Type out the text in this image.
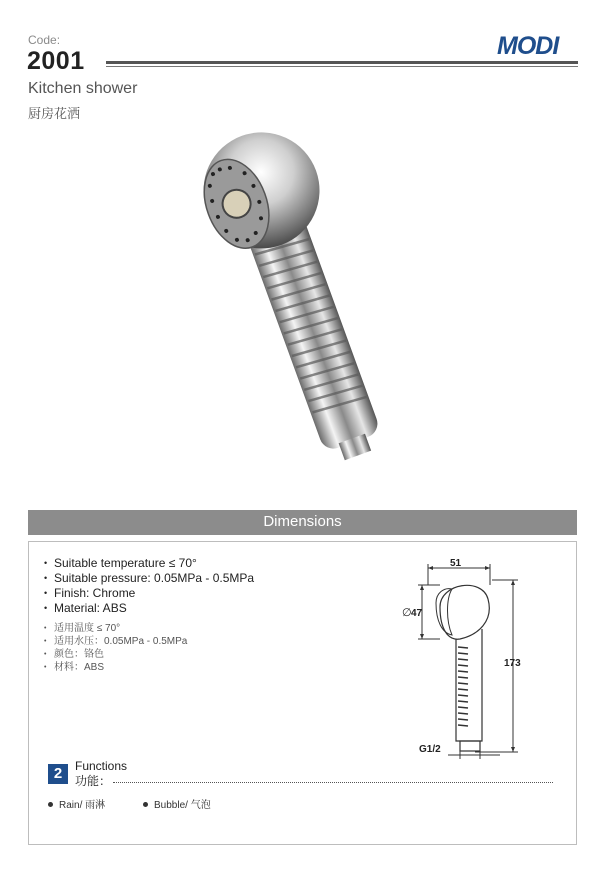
Code:
2001
MODI
Kitchen shower
厨房花洒
Dimensions
• Suitable temperature ≤ 70°
• Suitable pressure: 0.05MPa - 0.5MPa
• Finish: Chrome
• Material: ABS
• 适用温度 ≤ 70°
• 适用水压：0.05MPa - 0.5MPa
• 颜色：铬色
• 材料：ABS
51
∅ 47
173
G1/2
2	Functions
功能：
Rain/ 雨淋	Bubble/ 气泡
